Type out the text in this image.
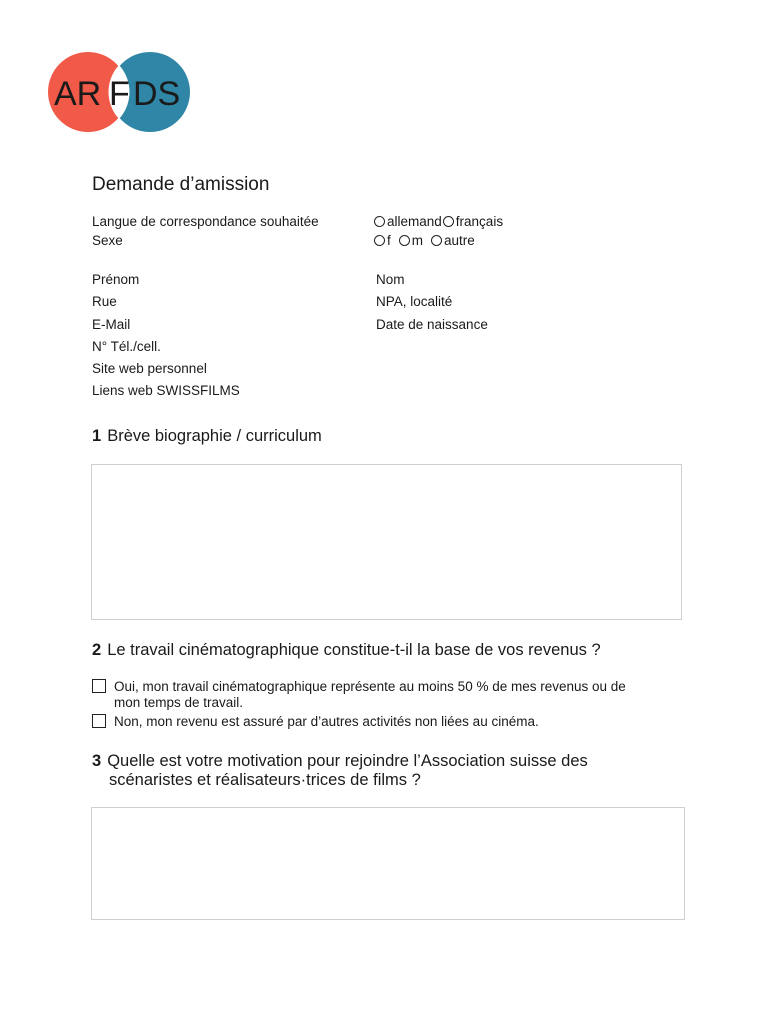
AR F DS
Demande d’amission
Langue de correspondance souhaitée
Sexe
allemand français
f m autre
Prénom
Rue
E-Mail
N° Tél./cell.
Site web personnel
Liens web SWISSFILMS
Nom
NPA, localité
Date de naissance
1 Brève biographie / curriculum
2 Le travail cinématographique constitue-t-il la base de vos revenus ?
Oui, mon travail cinématographique représente au moins 50 % de mes revenus ou de
mon temps de travail.
Non, mon revenu est assuré par d’autres activités non liées au cinéma.
3 Quelle est votre motivation pour rejoindre l’Association suisse des
scénaristes et réalisateurs·trices de films ?
